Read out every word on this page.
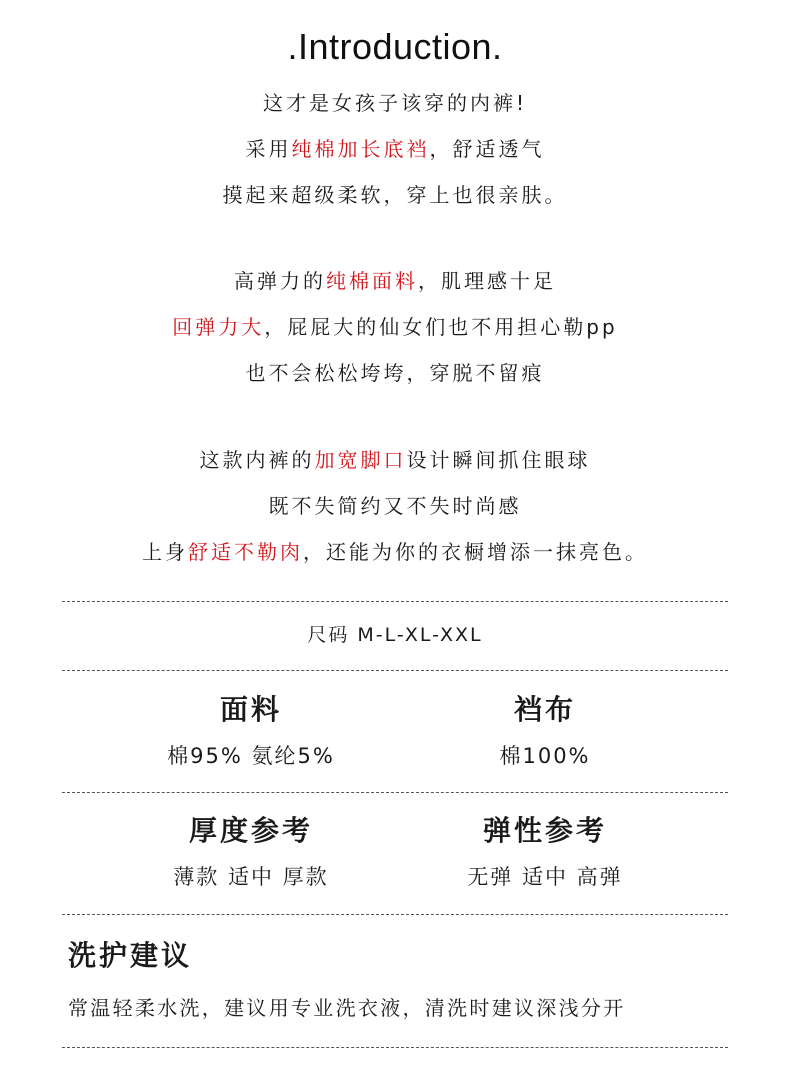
.Introduction.
这才是女孩子该穿的内裤!
采用纯棉加长底裆，舒适透气
摸起来超级柔软，穿上也很亲肤。
高弹力的纯棉面料，肌理感十足
回弹力大，屁屁大的仙女们也不用担心勒pp
也不会松松垮垮，穿脱不留痕
这款内裤的加宽脚口设计瞬间抓住眼球
既不失简约又不失时尚感
上身舒适不勒肉，还能为你的衣橱增添一抹亮色。
尺码 M-L-XL-XXL
面料
棉95% 氨纶5%
裆布
棉100%
厚度参考
薄款 适中 厚款
弹性参考
无弹 适中 高弹
洗护建议
常温轻柔水洗，建议用专业洗衣液，清洗时建议深浅分开
